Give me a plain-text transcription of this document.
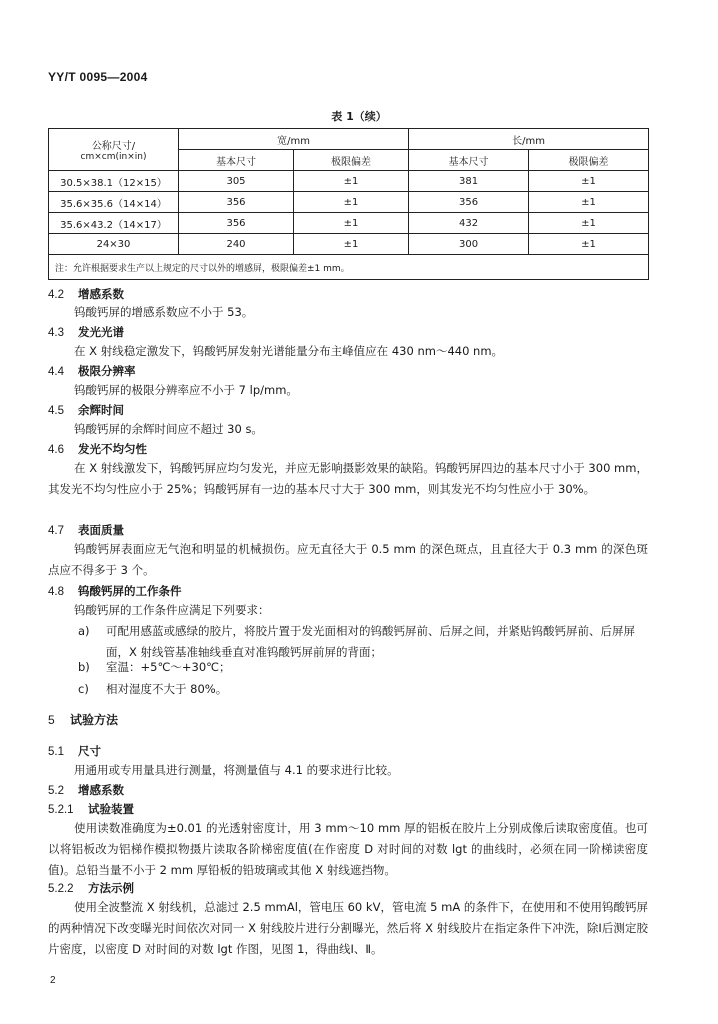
YY/T 0095—2004
表 1（续）
公称尺寸/
cm×cm(in×in)	宽/mm		长/mm	
	基本尺寸	极限偏差	基本尺寸	极限偏差
30.5×38.1（12×15）	305	±1	381	±1
35.6×35.6（14×14）	356	±1	356	±1
35.6×43.2（14×17）	356	±1	432	±1
24×30	240	±1	300	±1
注：允许根据要求生产以上规定的尺寸以外的增感屏，极限偏差±1 mm。				
4.2 增感系数
钨酸钙屏的增感系数应不小于 53。
4.3 发光光谱
在 X 射线稳定激发下，钨酸钙屏发射光谱能量分布主峰值应在 430 nm～440 nm。
4.4 极限分辨率
钨酸钙屏的极限分辨率应不小于 7 lp/mm。
4.5 余辉时间
钨酸钙屏的余辉时间应不超过 30 s。
4.6 发光不均匀性
在 X 射线激发下，钨酸钙屏应均匀发光，并应无影响摄影效果的缺陷。钨酸钙屏四边的基本尺寸小于 300 mm，其发光不均匀性应小于 25%；钨酸钙屏有一边的基本尺寸大于 300 mm，则其发光不均匀性应小于 30%。
4.7 表面质量
钨酸钙屏表面应无气泡和明显的机械损伤。应无直径大于 0.5 mm 的深色斑点，且直径大于 0.3 mm 的深色斑点应不得多于 3 个。
4.8 钨酸钙屏的工作条件
钨酸钙屏的工作条件应满足下列要求：
a) 可配用感蓝或感绿的胶片，将胶片置于发光面相对的钨酸钙屏前、后屏之间，并紧贴钨酸钙屏前、后屏屏面，X 射线管基准轴线垂直对准钨酸钙屏前屏的背面；
b) 室温：+5℃～+30℃；
c) 相对湿度不大于 80%。
5 试验方法
5.1 尺寸
用通用或专用量具进行测量，将测量值与 4.1 的要求进行比较。
5.2 增感系数
5.2.1 试验装置
使用读数准确度为±0.01 的光透射密度计，用 3 mm～10 mm 厚的铝板在胶片上分别成像后读取密度值。也可以将铝板改为铝梯作模拟物摄片读取各阶梯密度值(在作密度 D 对时间的对数 lgt 的曲线时，必须在同一阶梯读密度值)。总铅当量不小于 2 mm 厚铅板的铅玻璃或其他 X 射线遮挡物。
5.2.2 方法示例
使用全波整流 X 射线机，总滤过 2.5 mmAl，管电压 60 kV，管电流 5 mA 的条件下，在使用和不使用钨酸钙屏的两种情况下改变曝光时间依次对同一 X 射线胶片进行分割曝光，然后将 X 射线胶片在指定条件下冲洗，除Ⅰ后测定胶片密度，以密度 D 对时间的对数 lgt 作图，见图 1，得曲线Ⅰ、Ⅱ。
2
